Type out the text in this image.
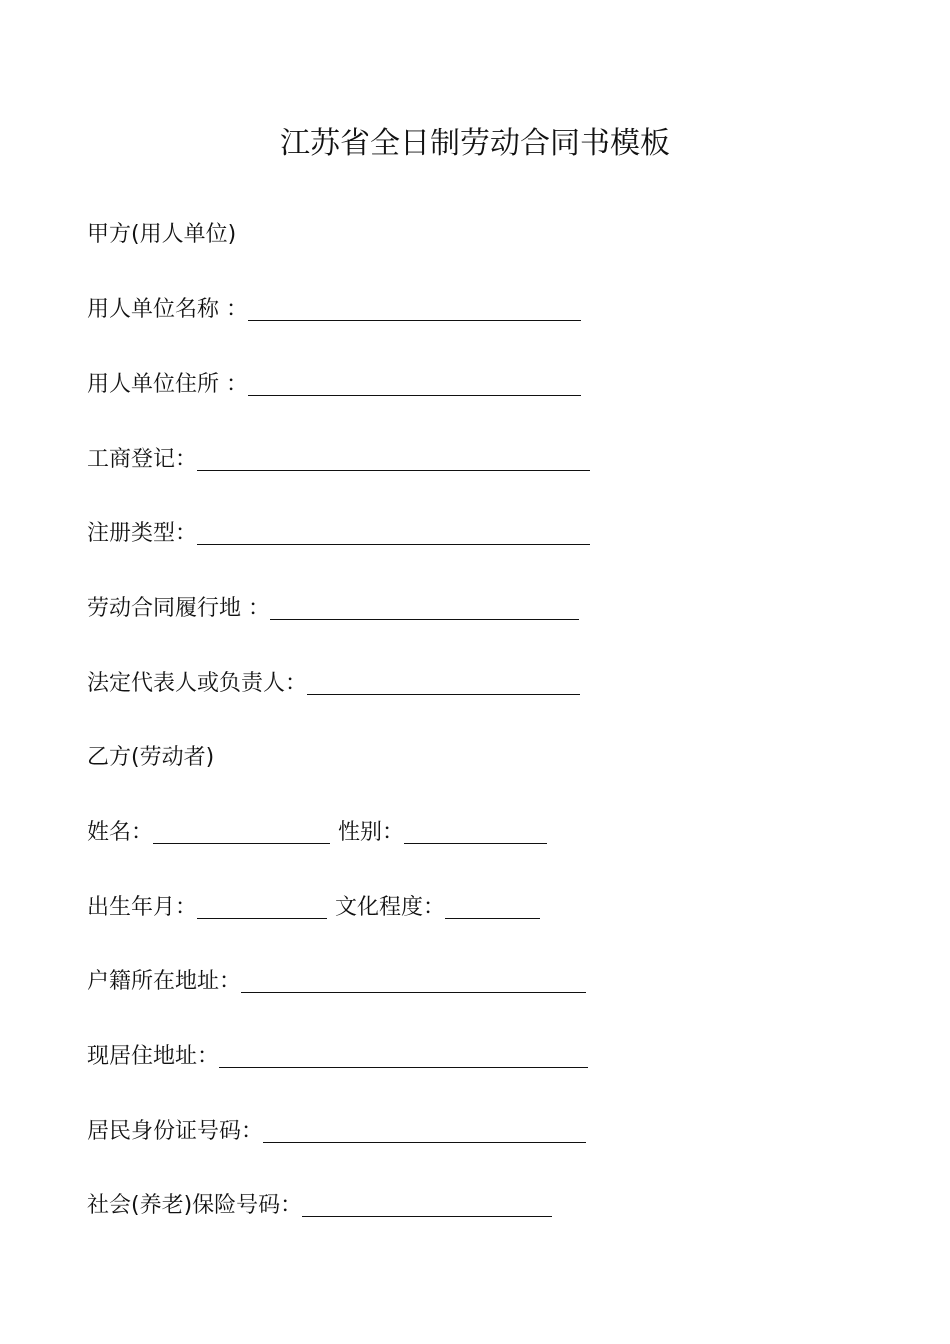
江苏省全日制劳动合同书模板
甲方(用人单位)
用人单位名称 ：
用人单位住所 ：
工商登记：
注册类型：
劳动合同履行地 ：
法定代表人或负责人：
乙方(劳动者)
姓名：	性别：
出生年月：	文化程度：
户籍所在地址：
现居住地址：
居民身份证号码：
社会(养老)保险号码：
